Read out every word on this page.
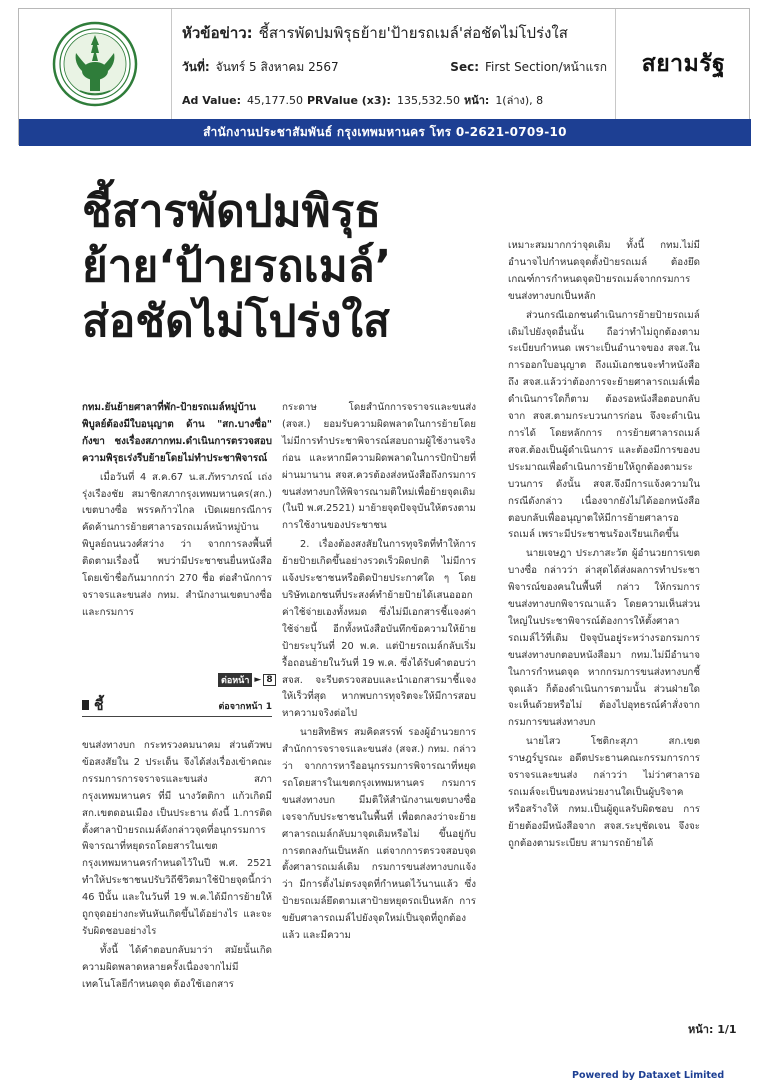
หัวข้อข่าว: ชี้สารพัดปมพิรุธย้าย'ป้ายรถเมล์'ส่อชัดไม่โปร่งใส
วันที่: จันทร์ 5 สิงหาคม 2567	Sec: First Section/หน้าแรก
Ad Value: 45,177.50 PRValue (x3): 135,532.50 หน้า: 1(ล่าง), 8
สยามรัฐ
สำนักงานประชาสัมพันธ์ กรุงเทพมหานคร โทร 0-2621-0709-10
ชี้สารพัดปมพิรุธ
ย้าย‘ป้ายรถเมล์’
ส่อชัดไม่โปร่งใส

กทม.ยันย้ายศาลาที่พัก-ป้ายรถเมล์หมู่บ้านพิบูลย์ต้องมีใบอนุญาต ด้าน "สก.บางซื่อ" กังขา ชงเรื่องสภากทม.ดำเนินการตรวจสอบความพิรุธเร่งรีบย้ายโดยไม่ทำประชาพิจารณ์

เมื่อวันที่ 4 ส.ค.67 น.ส.ภัทราภรณ์ เถ่งรุ่งเรืองชัย สมาชิกสภากรุงเทพมหานคร(สก.) เขตบางซื่อ พรรคก้าวไกล เปิดเผยกรณีการคัดค้านการย้ายศาลารอรถเมล์หน้าหมู่บ้านพิบูลย์ถนนวงศ์สว่าง ว่า จากการลงพื้นที่ติดตามเรื่องนี้ พบว่ามีประชาชนยื่นหนังสือโดยเข้าชื่อกันมากกว่า 270 ชื่อ ต่อสำนักการจราจรและขนส่ง กทม. สำนักงานเขตบางซื่อ และกรมการ

ต่อหน้า ► 8
ชี้	ต่อจากหน้า 1

ขนส่งทางบก กระทรวงคมนาคม ส่วนตัวพบข้อสงสัยใน 2 ประเด็น จึงได้ส่งเรื่องเข้าคณะกรรมการการจราจรและขนส่ง สภากรุงเทพมหานคร ที่มี นางวัตติกา แก้วเกิดมี สก.เขตดอนเมือง เป็นประธาน ดังนี้ 1.การติดตั้งศาลาป้ายรถเมล์ดังกล่าวจุดที่อนุกรรมการพิจารณาที่หยุดรถโดยสารในเขตกรุงเทพมหานครกำหนดไว้ในปี พ.ศ. 2521 ทำให้ประชาชนปรับวิถีชีวิตมาใช้ป้ายจุดนี้กว่า 46 ปีนั้น และในวันที่ 19 พ.ค.ได้มีการย้ายให้ถูกจุดอย่างกะทันหันเกิดขึ้นได้อย่างไร และจะรับผิดชอบอย่างไร

ทั้งนี้ ได้คำตอบกลับมาว่า สมัยนั้นเกิดความผิดพลาดหลายครั้งเนื่องจากไม่มีเทคโนโลยีกำหนดจุด ต้องใช้เอกสาร

กระดาษ โดยสำนักการจราจรและขนส่ง (สจส.) ยอมรับความผิดพลาดในการย้ายโดยไม่มีการทำประชาพิจารณ์สอบถามผู้ใช้งานจริงก่อน และหากมีความผิดพลาดในการปักป้ายที่ผ่านมานาน สจส.ควรต้องส่งหนังสือถึงกรมการขนส่งทางบกให้พิจารณามติใหม่เพื่อย้ายจุดเดิม (ในปี พ.ศ.2521) มาย้ายจุดปัจจุบันให้ตรงตามการใช้งานของประชาชน

2. เรื่องต้องสงสัยในการทุจริตที่ทำให้การย้ายป้ายเกิดขึ้นอย่างรวดเร็วผิดปกติ ไม่มีการแจ้งประชาชนหรือติดป้ายประกาศใด ๆ โดยบริษัทเอกชนที่ประสงค์ทำย้ายป้ายได้เสนอออกค่าใช้จ่ายเองทั้งหมด ซึ่งไม่มีเอกสารชี้แจงค่าใช้จ่ายนี้ อีกทั้งหนังสือบันทึกข้อความให้ย้ายป้ายระบุวันที่ 20 พ.ค. แต่ป้ายรถเมล์กลับเริ่มรื้อถอนย้ายในวันที่ 19 พ.ค. ซึ่งได้รับคำตอบว่า สจส. จะรีบตรวจสอบและนำเอกสารมาชี้แจงให้เร็วที่สุด หากพบการทุจริตจะให้มีการสอบหาความจริงต่อไป

นายสิทธิพร สมคิดสรรพ์ รองผู้อำนวยการสำนักการจราจรและขนส่ง (สจส.) กทม. กล่าวว่า จากการหารืออนุกรรมการพิจารณาที่หยุดรถโดยสารในเขตกรุงเทพมหานคร กรมการขนส่งทางบก มีมติให้สำนักงานเขตบางซื่อเจรจากับประชาชนในพื้นที่ เพื่อตกลงว่าจะย้ายศาลารถเมล์กลับมาจุดเดิมหรือไม่ ขึ้นอยู่กับการตกลงกันเป็นหลัก แต่จากการตรวจสอบจุดตั้งศาลารถเมล์เดิม กรมการขนส่งทางบกแจ้งว่า มีการตั้งไม่ตรงจุดที่กำหนดไว้นานแล้ว ซึ่งป้ายรถเมล์ยึดตามเสาป้ายหยุดรถเป็นหลัก การขยับศาลารถเมล์ไปยังจุดใหม่เป็นจุดที่ถูกต้องแล้ว และมีความ

เหมาะสมมากกว่าจุดเดิม ทั้งนี้ กทม.ไม่มีอำนาจไปกำหนดจุดตั้งป้ายรถเมล์ ต้องยึดเกณฑ์การกำหนดจุดป้ายรถเมล์จากกรมการขนส่งทางบกเป็นหลัก

ส่วนกรณีเอกชนดำเนินการย้ายป้ายรถเมล์เดิมไปยังจุดอื่นนั้น ถือว่าทำไม่ถูกต้องตามระเบียบกำหนด เพราะเป็นอำนาจของ สจส.ในการออกใบอนุญาต ถึงแม้เอกชนจะทำหนังสือถึง สจส.แล้วว่าต้องการจะย้ายศาลารถเมล์เพื่อดำเนินการใดก็ตาม ต้องรอหนังสือตอบกลับจาก สจส.ตามกระบวนการก่อน จึงจะดำเนินการได้ โดยหลักการ การย้ายศาลารถเมล์ สจส.ต้องเป็นผู้ดำเนินการ และต้องมีการของบประมาณเพื่อดำเนินการย้ายให้ถูกต้องตามระบวนการ ดังนั้น สจส.จึงมีการแจ้งความในกรณีดังกล่าว เนื่องจากยังไม่ได้ออกหนังสือตอบกลับเพื่ออนุญาตให้มีการย้ายศาลารอรถเมล์ เพราะมีประชาชนร้องเรียนเกิดขึ้น

นายเจษฎา ประภาสะวัต ผู้อำนวยการเขตบางซื่อ กล่าวว่า ล่าสุดได้ส่งผลการทำประชาพิจารณ์ของคนในพื้นที่ กล่าว ให้กรมการขนส่งทางบกพิจารณาแล้ว โดยความเห็นส่วนใหญ่ในประชาพิจารณ์ต้องการให้ตั้งศาลารถเมล์ไว้ที่เดิม ปัจจุบันอยู่ระหว่างรอกรมการขนส่งทางบกตอบหนังสือมา กทม.ไม่มีอำนาจในการกำหนดจุด หากกรมการขนส่งทางบกชี้จุดแล้ว ก็ต้องดำเนินการตามนั้น ส่วนฝ่ายใดจะเห็นด้วยหรือไม่ ต้องไปอุทธรณ์คำสั่งจากกรมการขนส่งทางบก

นายไสว โชติกะสุภา สก.เขตราษฎร์บูรณะ อดีตประธานคณะกรรมการการจราจรและขนส่ง กล่าวว่า ไม่ว่าศาลารอรถเมล์จะเป็นของหน่วยงานใดเป็นผู้บริจาคหรือสร้างให้ กทม.เป็นผู้ดูแลรับผิดชอบ การย้ายต้องมีหนังสือจาก สจส.ระบุชัดเจน จึงจะถูกต้องตามระเบียบ สามารถย้ายได้

หน้า: 1/1
Powered by Dataxet Limited
